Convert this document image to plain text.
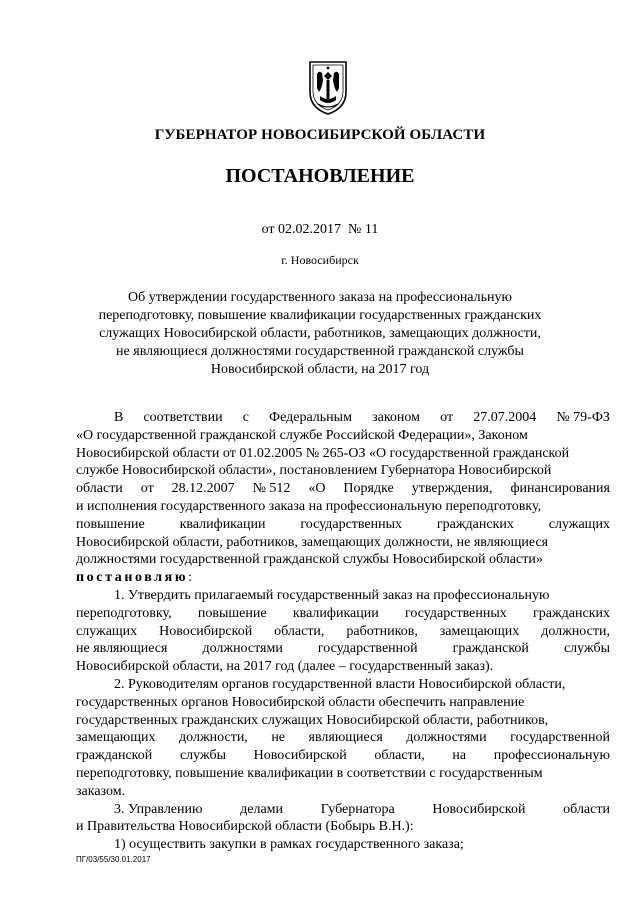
ГУБЕРНАТОР НОВОСИБИРСКОЙ ОБЛАСТИ
ПОСТАНОВЛЕНИЕ
от 02.02.2017  № 11
г. Новосибирск
Об утверждении государственного заказа на профессиональную
переподготовку, повышение квалификации государственных гражданских
служащих Новосибирской области, работников, замещающих должности,
не являющиеся должностями государственной гражданской службы
Новосибирской области, на 2017 год
В соответствии с Федеральным законом от 27.07.2004 № 79-ФЗ
«О государственной гражданской службе Российской Федерации», Законом
Новосибирской области от 01.02.2005 № 265-ОЗ «О государственной гражданской
службе Новосибирской области», постановлением Губернатора Новосибирской
области от 28.12.2007 № 512 «О Порядке утверждения, финансирования
и исполнения государственного заказа на профессиональную переподготовку,
повышение квалификации государственных гражданских служащих
Новосибирской области, работников, замещающих должности, не являющиеся
должностями государственной гражданской службы Новосибирской области»
постановляю:
1. Утвердить прилагаемый государственный заказ на профессиональную
переподготовку, повышение квалификации государственных гражданских
служащих Новосибирской области, работников, замещающих должности,
не являющиеся	должностями	государственной	гражданской	службы
Новосибирской области, на 2017 год (далее – государственный заказ).
2. Руководителям органов государственной власти Новосибирской области,
государственных органов Новосибирской области обеспечить направление
государственных гражданских служащих Новосибирской области, работников,
замещающих должности, не являющиеся должностями государственной
гражданской службы Новосибирской области, на профессиональную
переподготовку, повышение квалификации в соответствии с государственным
заказом.
3. Управлению	делами	Губернатора	Новосибирской	области
и Правительства Новосибирской области (Бобырь В.Н.):
1) осуществить закупки в рамках государственного заказа;
ПГ/03/55/30.01.2017
